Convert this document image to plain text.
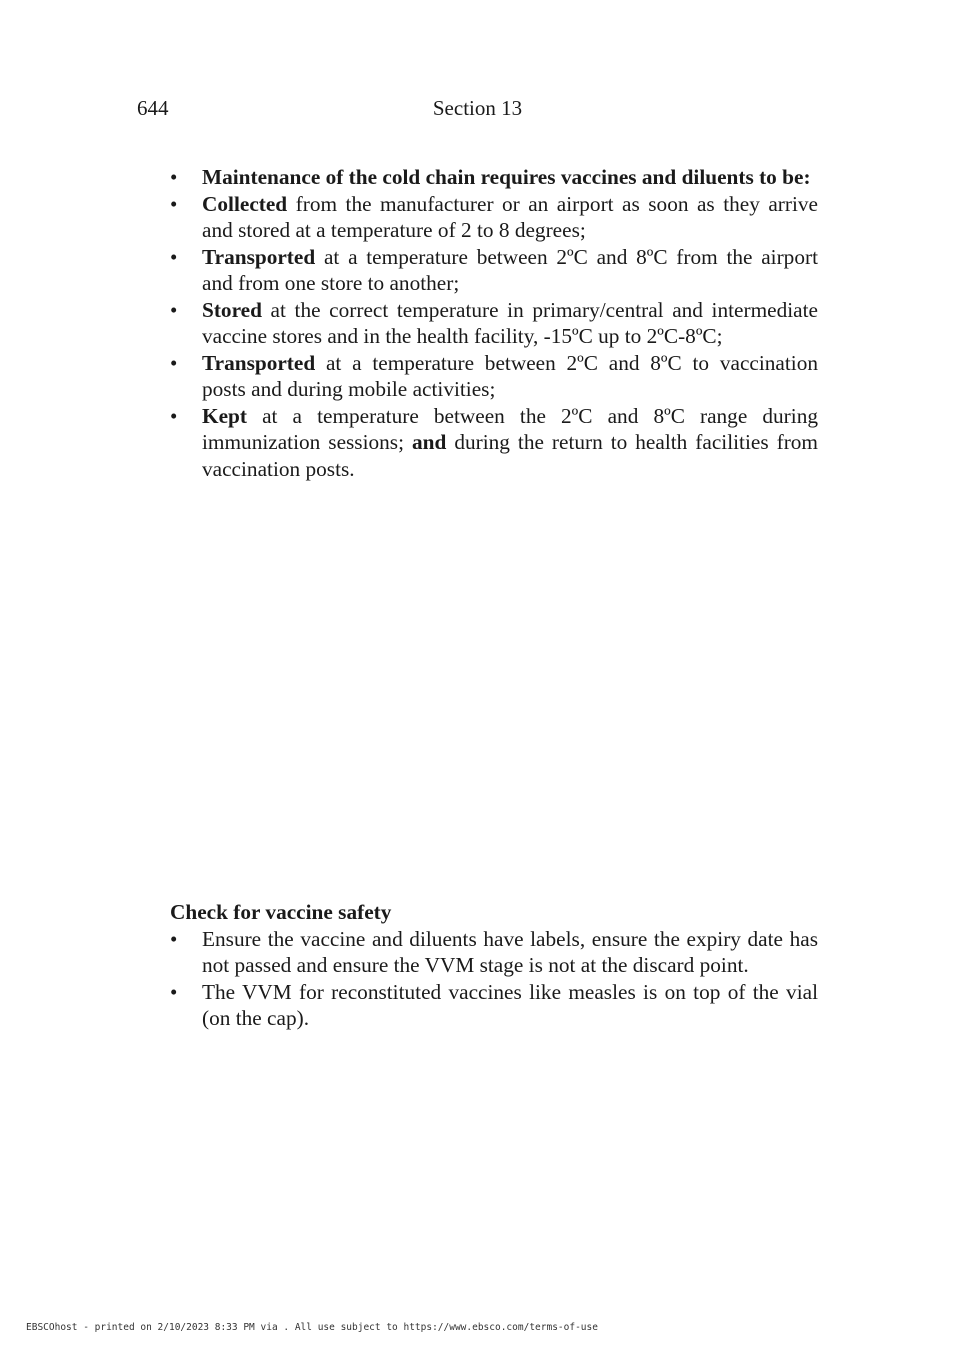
644	Section 13
• Maintenance of the cold chain requires vaccines and diluents to be:
• Collected from the manufacturer or an airport as soon as they arrive and stored at a temperature of 2 to 8 degrees;
• Transported at a temperature between 2ºC and 8ºC from the airport and from one store to another;
• Stored at the correct temperature in primary/central and intermediate vaccine stores and in the health facility, -15ºC up to 2ºC-8ºC;
• Transported at a temperature between 2ºC and 8ºC to vaccination posts and during mobile activities;
• Kept at a temperature between the 2ºC and 8ºC range during immunization sessions; and during the return to health facilities from vaccination posts.
Check for vaccine safety
• Ensure the vaccine and diluents have labels, ensure the expiry date has not passed and ensure the VVM stage is not at the discard point.
• The VVM for reconstituted vaccines like measles is on top of the vial (on the cap).
EBSCOhost - printed on 2/10/2023 8:33 PM via . All use subject to https://www.ebsco.com/terms-of-use
